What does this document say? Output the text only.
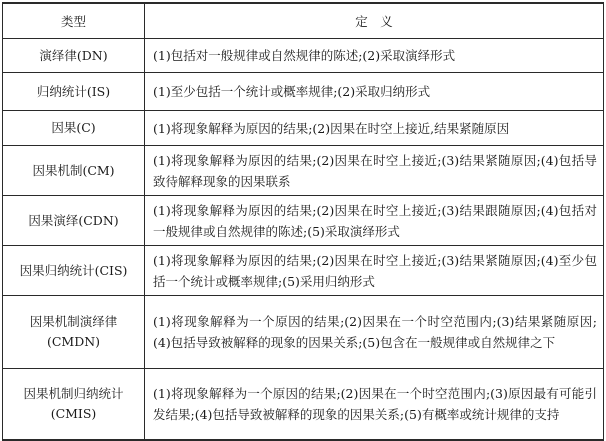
类型	定　义
演绎律(DN)	(1)包括对一般规律或自然规律的陈述;(2)采取演绎形式
归纳统计(IS)	(1)至少包括一个统计或概率规律;(2)采取归纳形式
因果(C)	(1)将现象解释为原因的结果;(2)因果在时空上接近,结果紧随原因
因果机制(CM)	(1)将现象解释为原因的结果;(2)因果在时空上接近;(3)结果紧随原因;(4)包括导致待解释现象的因果联系
因果演绎(CDN)	(1)将现象解释为原因的结果;(2)因果在时空上接近;(3)结果跟随原因;(4)包括对一般规律或自然规律的陈述;(5)采取演绎形式
因果归纳统计(CIS)	(1)将现象解释为原因的结果;(2)因果在时空上接近;(3)结果紧随原因;(4)至少包括一个统计或概率规律;(5)采用归纳形式
因果机制演绎律(CMDN)	(1)将现象解释为一个原因的结果;(2)因果在一个时空范围内;(3)结果紧随原因;(4)包括导致被解释的现象的因果关系;(5)包含在一般规律或自然规律之下
因果机制归纳统计(CMIS)	(1)将现象解释为一个原因的结果;(2)因果在一个时空范围内;(3)原因最有可能引发结果;(4)包括导致被解释的现象的因果关系;(5)有概率或统计规律的支持
